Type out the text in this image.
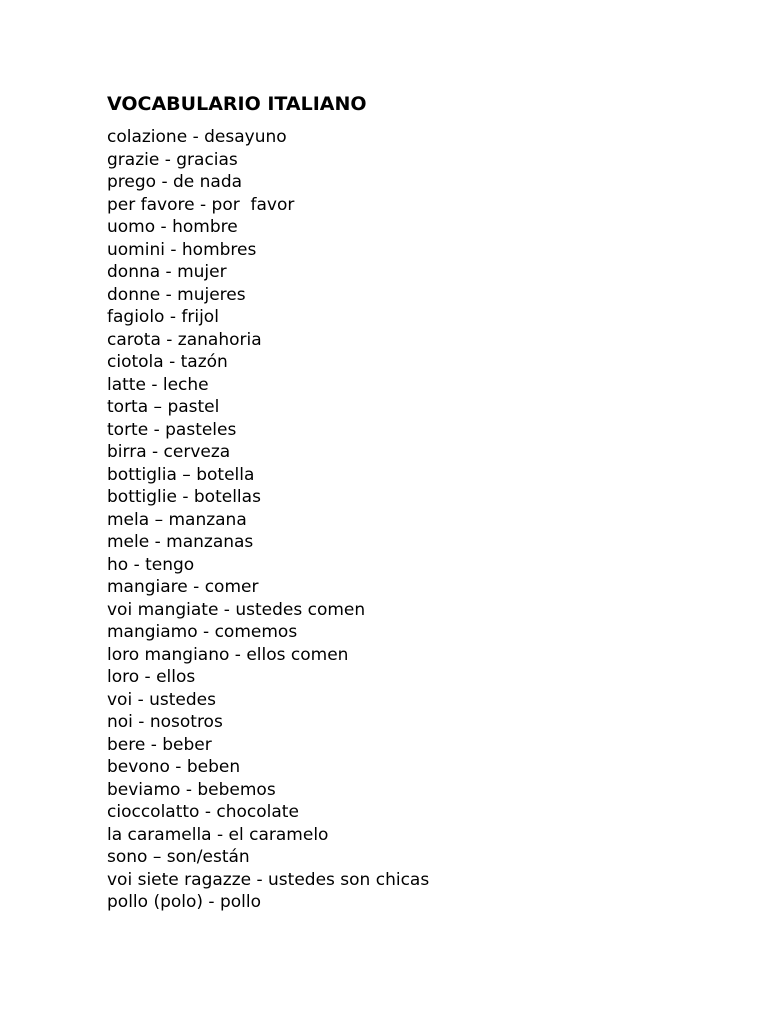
VOCABULARIO ITALIANO
colazione - desayuno
grazie - gracias
prego - de nada
per favore - por  favor
uomo - hombre
uomini - hombres
donna - mujer
donne - mujeres
fagiolo - frijol
carota - zanahoria
ciotola - tazón
latte - leche
torta – pastel
torte - pasteles
birra - cerveza
bottiglia – botella
bottiglie - botellas
mela – manzana
mele - manzanas
ho - tengo
mangiare - comer
voi mangiate - ustedes comen
mangiamo - comemos
loro mangiano - ellos comen
loro - ellos
voi - ustedes
noi - nosotros
bere - beber
bevono - beben
beviamo - bebemos
cioccolatto - chocolate
la caramella - el caramelo
sono – son/están
voi siete ragazze - ustedes son chicas
pollo (polo) - pollo
